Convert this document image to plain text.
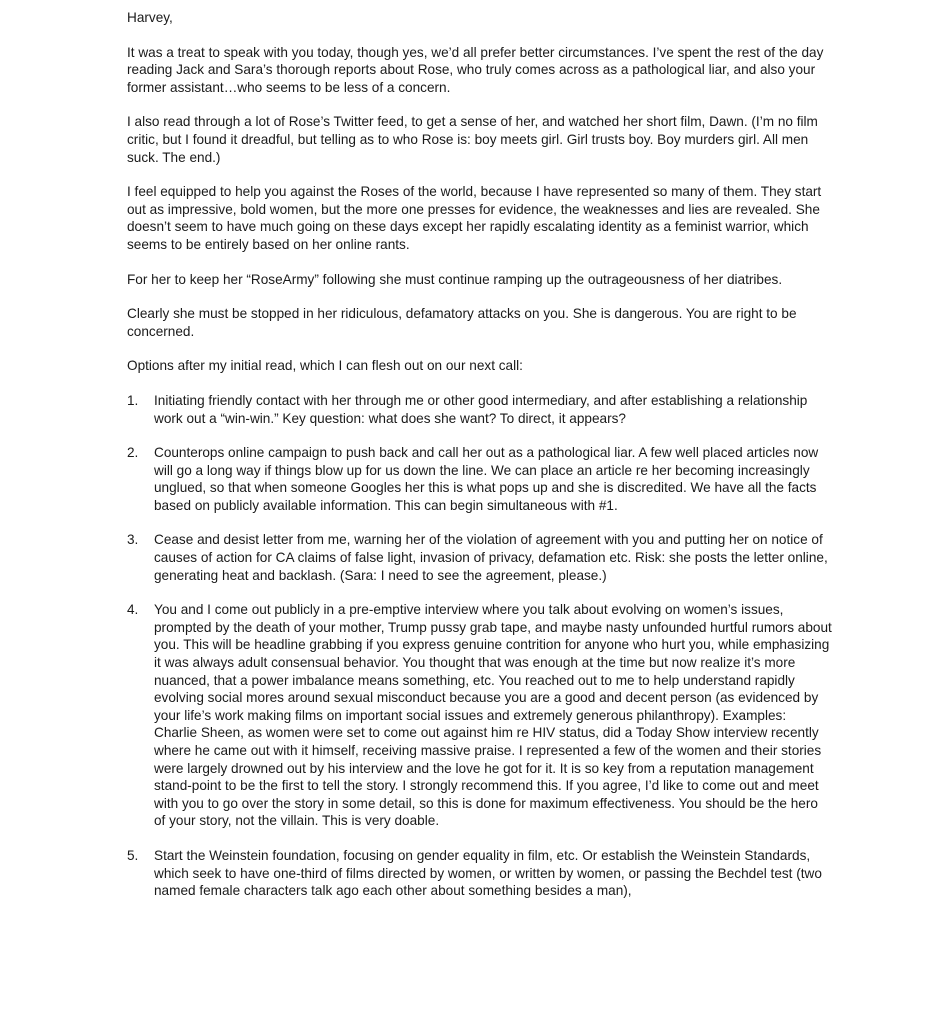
Harvey,

It was a treat to speak with you today, though yes, we’d all prefer better circumstances. I’ve spent the rest of the day reading Jack and Sara’s thorough reports about Rose, who truly comes across as a pathological liar, and also your former assistant…who seems to be less of a concern.

I also read through a lot of Rose’s Twitter feed, to get a sense of her, and watched her short film, Dawn. (I’m no film critic, but I found it dreadful, but telling as to who Rose is: boy meets girl. Girl trusts boy. Boy murders girl. All men suck. The end.)

I feel equipped to help you against the Roses of the world, because I have represented so many of them. They start out as impressive, bold women, but the more one presses for evidence, the weaknesses and lies are revealed. She doesn’t seem to have much going on these days except her rapidly escalating identity as a feminist warrior, which seems to be entirely based on her online rants.

For her to keep her “RoseArmy” following she must continue ramping up the outrageousness of her diatribes.

Clearly she must be stopped in her ridiculous, defamatory attacks on you. She is dangerous. You are right to be concerned.

Options after my initial read, which I can flesh out on our next call:

1. Initiating friendly contact with her through me or other good intermediary, and after establishing a relationship work out a “win-win.” Key question: what does she want? To direct, it appears?
2. Counterops online campaign to push back and call her out as a pathological liar. A few well placed articles now will go a long way if things blow up for us down the line. We can place an article re her becoming increasingly unglued, so that when someone Googles her this is what pops up and she is discredited. We have all the facts based on publicly available information. This can begin simultaneous with #1.
3. Cease and desist letter from me, warning her of the violation of agreement with you and putting her on notice of causes of action for CA claims of false light, invasion of privacy, defamation etc. Risk: she posts the letter online, generating heat and backlash. (Sara: I need to see the agreement, please.)
4. You and I come out publicly in a pre-emptive interview where you talk about evolving on women’s issues, prompted by the death of your mother, Trump pussy grab tape, and maybe nasty unfounded hurtful rumors about you. This will be headline grabbing if you express genuine contrition for anyone who hurt you, while emphasizing it was always adult consensual behavior. You thought that was enough at the time but now realize it’s more nuanced, that a power imbalance means something, etc. You reached out to me to help understand rapidly evolving social mores around sexual misconduct because you are a good and decent person (as evidenced by your life’s work making films on important social issues and extremely generous philanthropy). Examples: Charlie Sheen, as women were set to come out against him re HIV status, did a Today Show interview recently where he came out with it himself, receiving massive praise. I represented a few of the women and their stories were largely drowned out by his interview and the love he got for it. It is so key from a reputation management stand-point to be the first to tell the story. I strongly recommend this. If you agree, I’d like to come out and meet with you to go over the story in some detail, so this is done for maximum effectiveness. You should be the hero of your story, not the villain. This is very doable.
5. Start the Weinstein foundation, focusing on gender equality in film, etc. Or establish the Weinstein Standards, which seek to have one-third of films directed by women, or written by women, or passing the Bechdel test (two named female characters talk ago each other about something besides a man),
